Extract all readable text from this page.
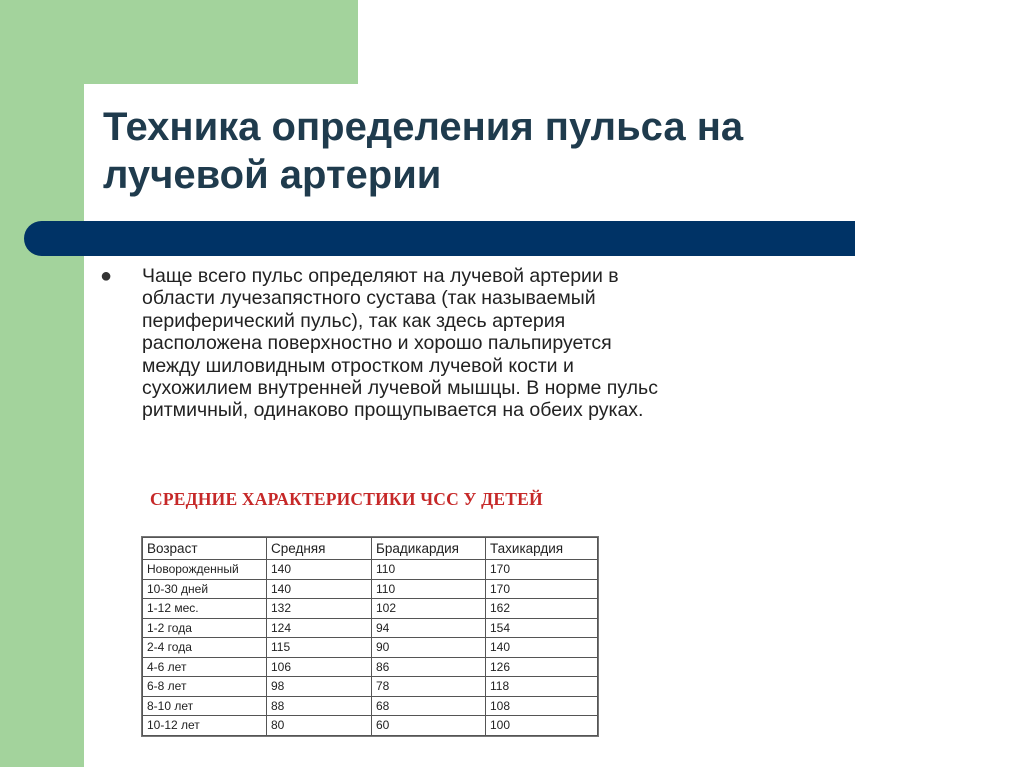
Техника определения пульса на
лучевой артерии
● Чаще всего пульс определяют на лучевой артерии в области лучезапястного сустава (так называемый периферический пульс), так как здесь артерия расположена поверхностно и хорошо пальпируется между шиловидным отростком лучевой кости и сухожилием внутренней лучевой мышцы. В норме пульс ритмичный, одинаково прощупывается на обеих руках.

СРЕДНИЕ ХАРАКТЕРИСТИКИ ЧСС У ДЕТЕЙ

Возраст	Средняя	Брадикардия	Тахикардия
Новорожденный	140	110	170
10-30 дней	140	110	170
1-12 мес.	132	102	162
1-2 года	124	94	154
2-4 года	115	90	140
4-6 лет	106	86	126
6-8 лет	98	78	118
8-10 лет	88	68	108
10-12 лет	80	60	100
